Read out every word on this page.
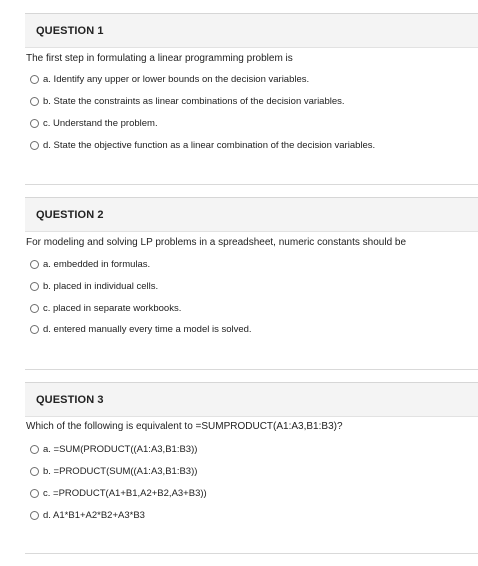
QUESTION 1
The first step in formulating a linear programming problem is
a. Identify any upper or lower bounds on the decision variables.
b. State the constraints as linear combinations of the decision variables.
c. Understand the problem.
d. State the objective function as a linear combination of the decision variables.
QUESTION 2
For modeling and solving LP problems in a spreadsheet, numeric constants should be
a. embedded in formulas.
b. placed in individual cells.
c. placed in separate workbooks.
d. entered manually every time a model is solved.
QUESTION 3
Which of the following is equivalent to =SUMPRODUCT(A1:A3,B1:B3)?
a. =SUM(PRODUCT((A1:A3,B1:B3))
b. =PRODUCT(SUM((A1:A3,B1:B3))
c. =PRODUCT(A1+B1,A2+B2,A3+B3))
d. A1*B1+A2*B2+A3*B3
